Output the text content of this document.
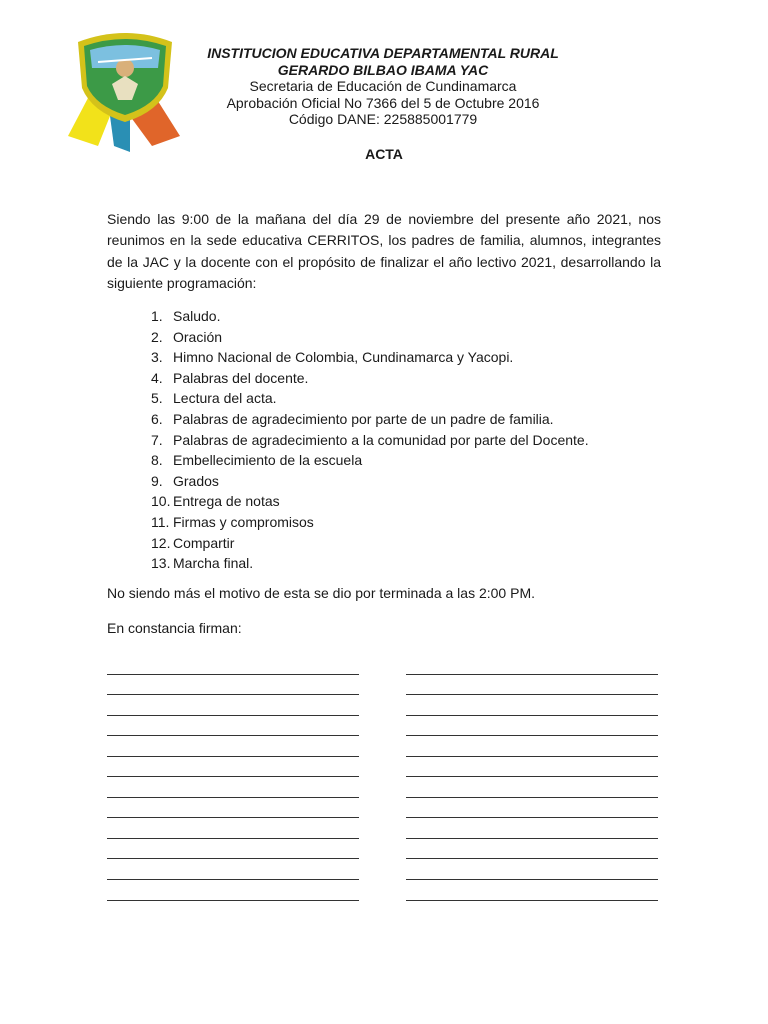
INSTITUCION EDUCATIVA DEPARTAMENTAL RURAL
GERARDO BILBAO IBAMA YAC
Secretaria de Educación de Cundinamarca
Aprobación Oficial No 7366 del 5 de Octubre 2016
Código DANE: 225885001779
ACTA
Siendo las 9:00 de la mañana del día 29 de noviembre del presente año 2021, nos reunimos en la sede educativa CERRITOS, los padres de familia, alumnos, integrantes de la JAC y la docente con el propósito de finalizar el año lectivo 2021, desarrollando la siguiente programación:
1. Saludo.
2. Oración
3. Himno Nacional de Colombia, Cundinamarca y Yacopi.
4. Palabras del docente.
5. Lectura del acta.
6. Palabras de agradecimiento por parte de un padre de familia.
7. Palabras de agradecimiento a la comunidad por parte del Docente.
8. Embellecimiento de la escuela
9. Grados
10. Entrega de notas
11. Firmas y compromisos
12. Compartir
13. Marcha final.
No siendo más el motivo de esta se dio por terminada a las 2:00 PM.
En constancia firman:
